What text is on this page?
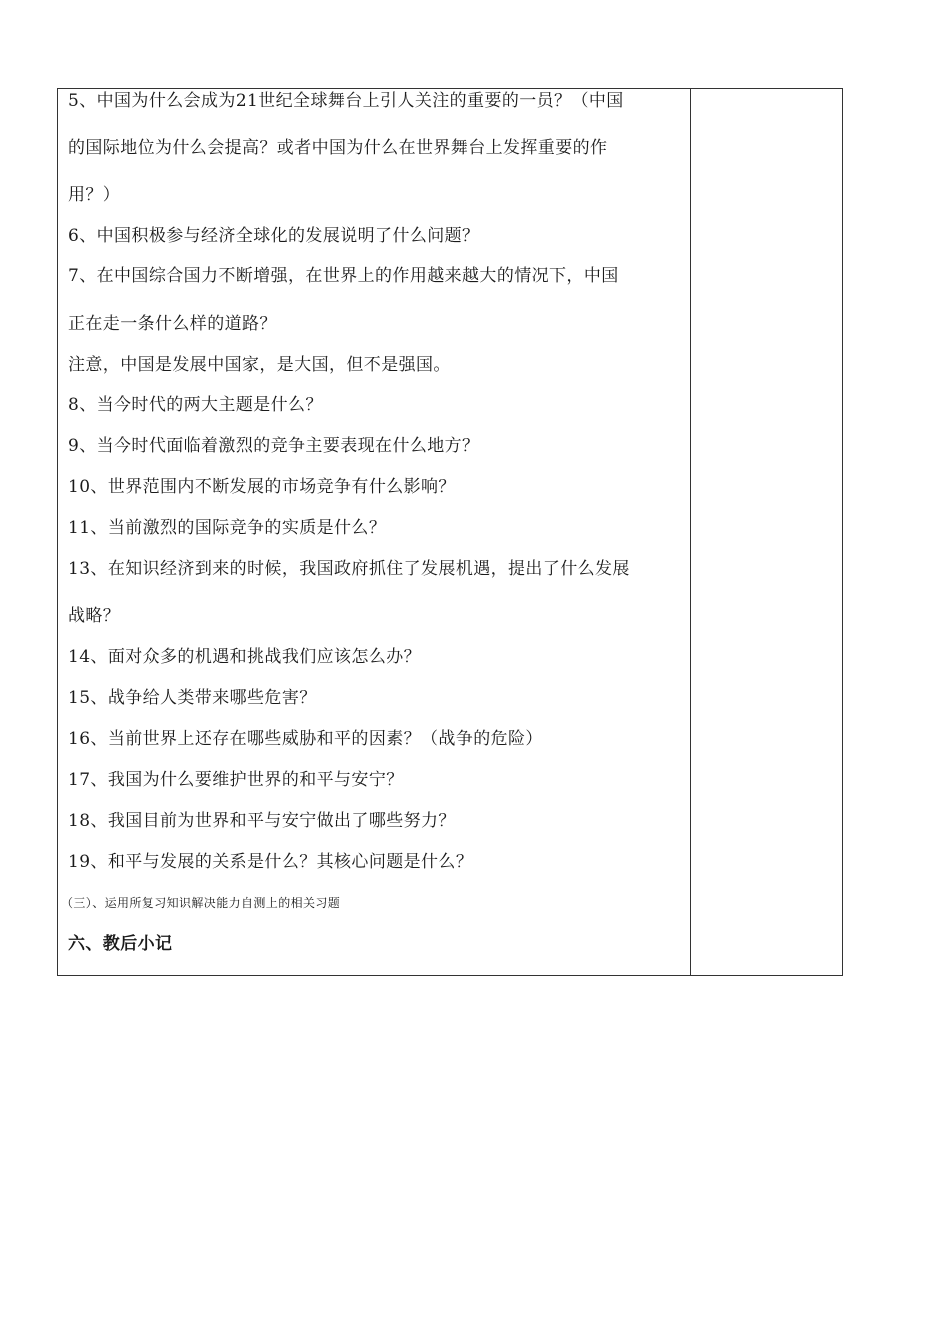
5、中国为什么会成为21世纪全球舞台上引人关注的重要的一员？（中国
的国际地位为什么会提高？或者中国为什么在世界舞台上发挥重要的作
用？）
6、中国积极参与经济全球化的发展说明了什么问题？
7、在中国综合国力不断增强，在世界上的作用越来越大的情况下，中国
正在走一条什么样的道路？
注意，中国是发展中国家，是大国，但不是强国。
8、当今时代的两大主题是什么？
9、当今时代面临着激烈的竞争主要表现在什么地方？
10、世界范围内不断发展的市场竞争有什么影响？
11、当前激烈的国际竞争的实质是什么？
13、在知识经济到来的时候，我国政府抓住了发展机遇，提出了什么发展
战略？
14、面对众多的机遇和挑战我们应该怎么办？
15、战争给人类带来哪些危害？
16、当前世界上还存在哪些威胁和平的因素？（战争的危险）
17、我国为什么要维护世界的和平与安宁？
18、我国目前为世界和平与安宁做出了哪些努力？
19、和平与发展的关系是什么？其核心问题是什么？
（三）、运用所复习知识解决能力自测上的相关习题
六、教后小记
